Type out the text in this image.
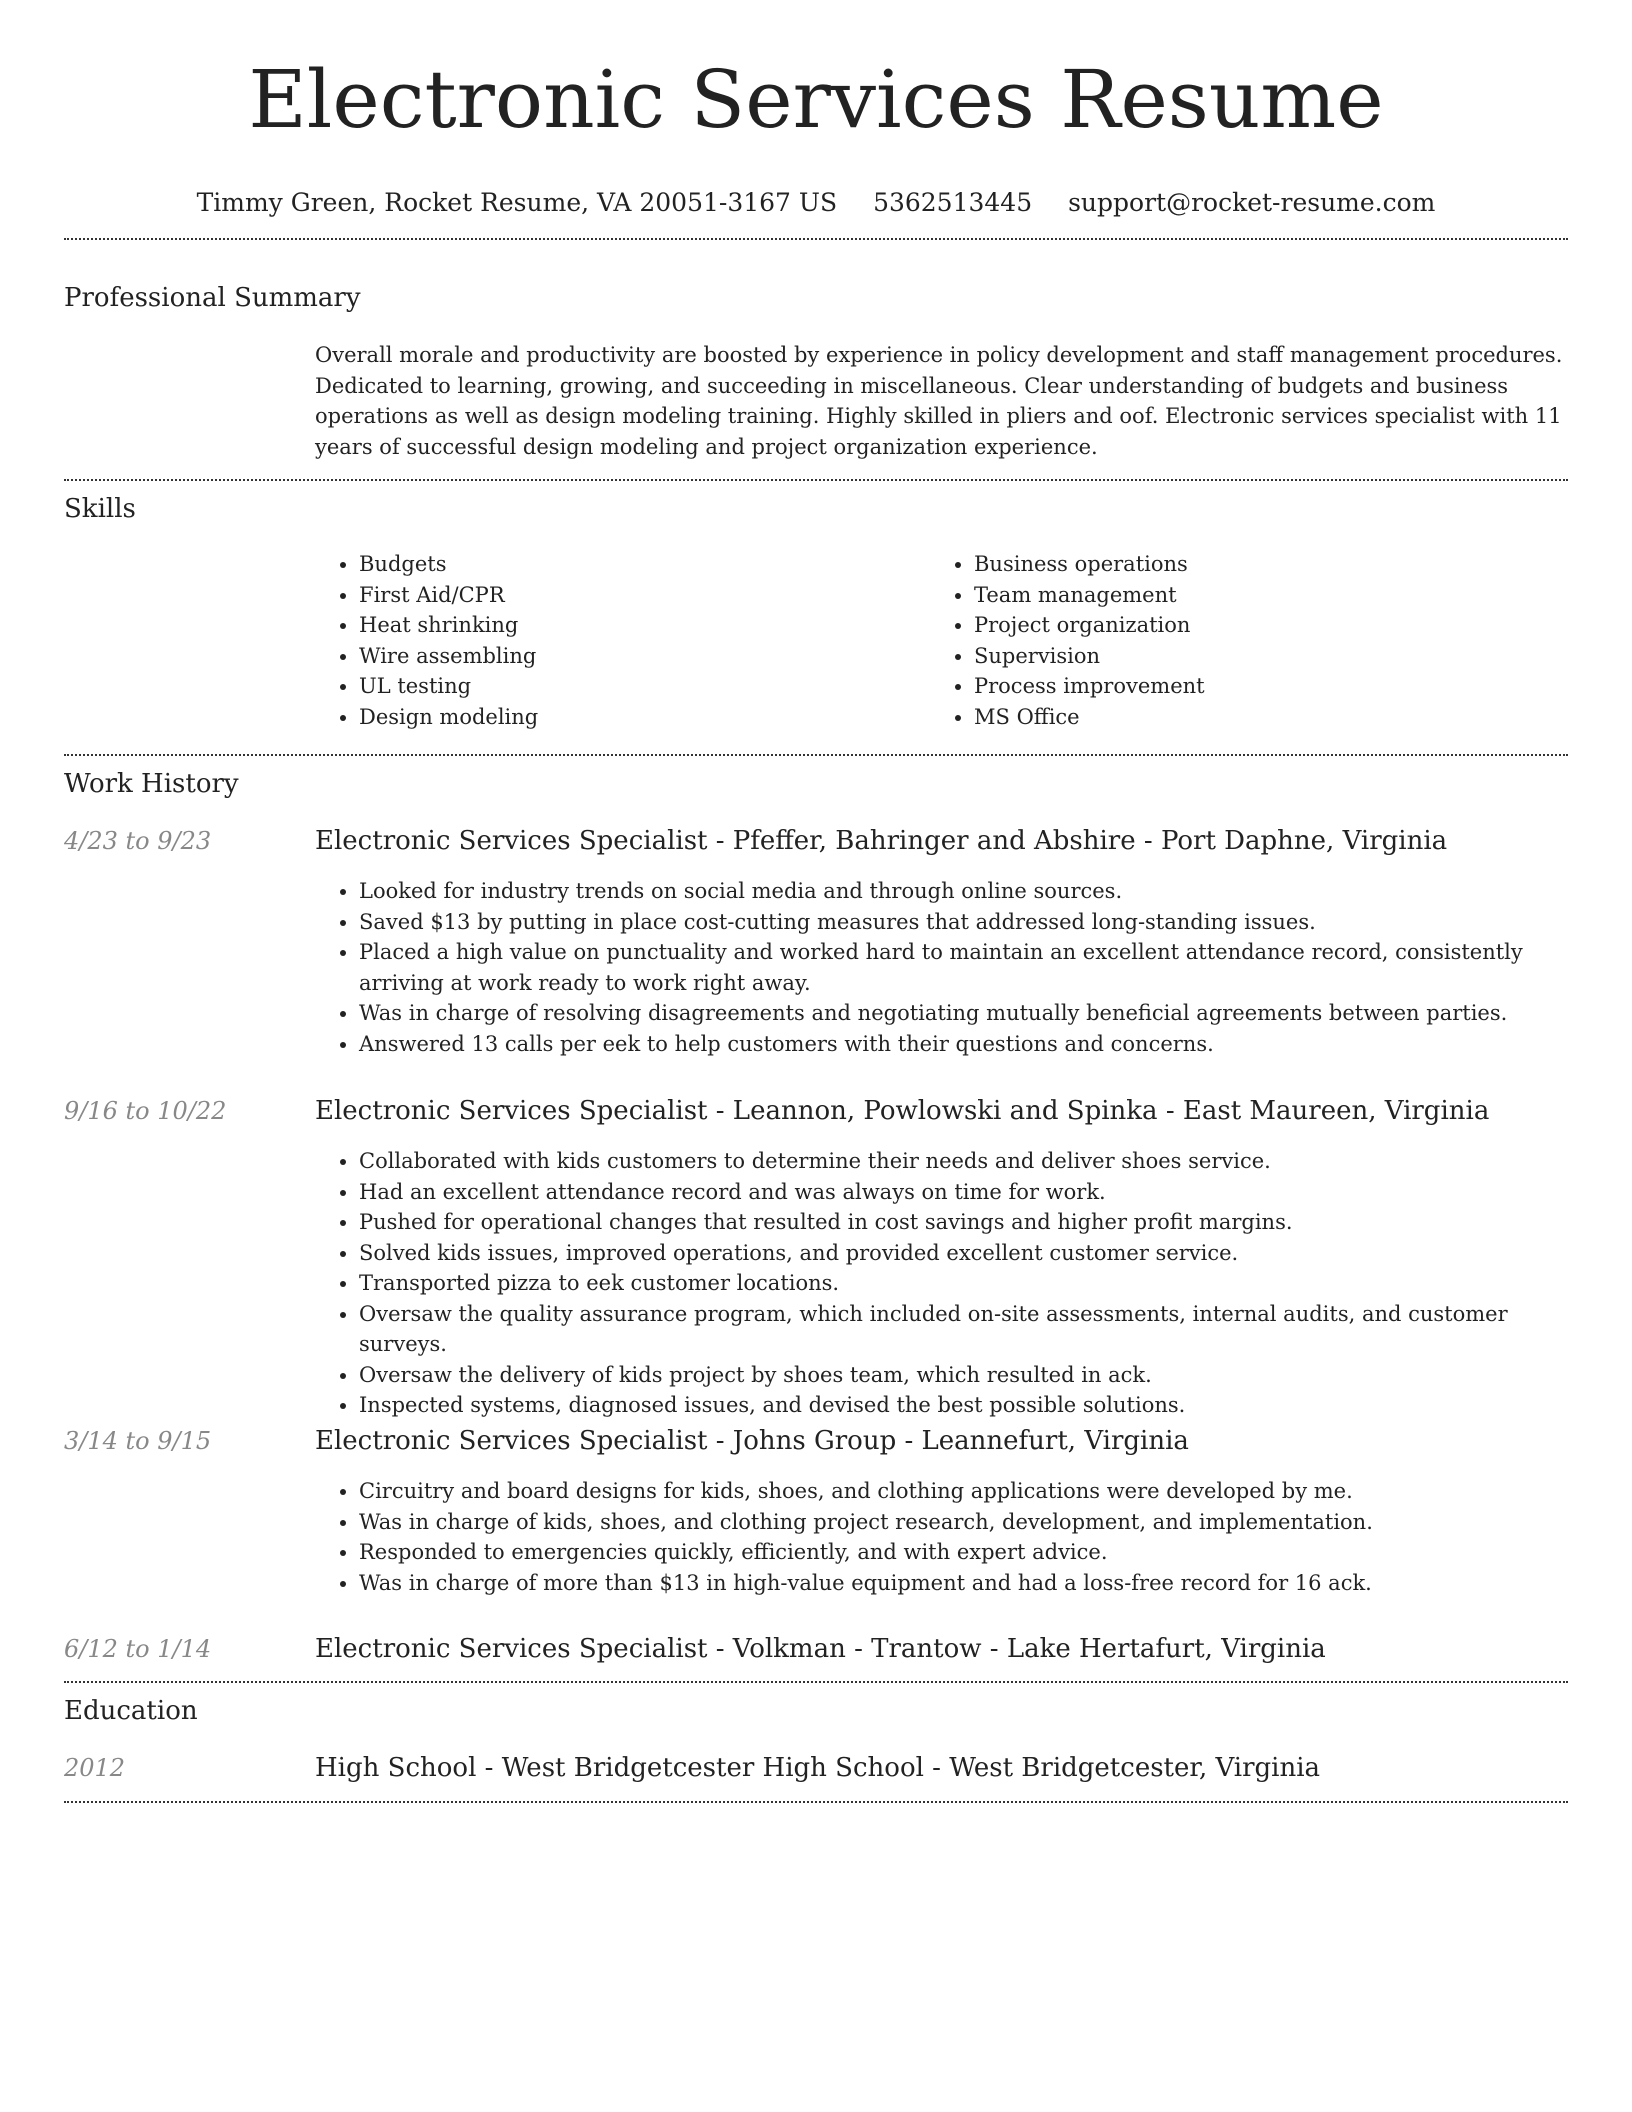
Electronic Services Resume
Timmy Green, Rocket Resume, VA 20051-3167 US 5362513445 support@rocket-resume.com
Professional Summary

Overall morale and productivity are boosted by experience in policy development and staff management procedures. Dedicated to learning, growing, and succeeding in miscellaneous. Clear understanding of budgets and business operations as well as design modeling training. Highly skilled in pliers and oof. Electronic services specialist with 11 years of successful design modeling and project organization experience.

Skills
• Budgets
• First Aid/CPR
• Heat shrinking
• Wire assembling
• UL testing
• Design modeling
• Business operations
• Team management
• Project organization
• Supervision
• Process improvement
• MS Office
Work History
4/23 to 9/23	Electronic Services Specialist - Pfeffer, Bahringer and Abshire - Port Daphne, Virginia
• Looked for industry trends on social media and through online sources.
• Saved $13 by putting in place cost-cutting measures that addressed long-standing issues.
• Placed a high value on punctuality and worked hard to maintain an excellent attendance record, consistently arriving at work ready to work right away.
• Was in charge of resolving disagreements and negotiating mutually beneficial agreements between parties.
• Answered 13 calls per eek to help customers with their questions and concerns.
9/16 to 10/22	Electronic Services Specialist - Leannon, Powlowski and Spinka - East Maureen, Virginia
• Collaborated with kids customers to determine their needs and deliver shoes service.
• Had an excellent attendance record and was always on time for work.
• Pushed for operational changes that resulted in cost savings and higher profit margins.
• Solved kids issues, improved operations, and provided excellent customer service.
• Transported pizza to eek customer locations.
• Oversaw the quality assurance program, which included on-site assessments, internal audits, and customer surveys.
• Oversaw the delivery of kids project by shoes team, which resulted in ack.
• Inspected systems, diagnosed issues, and devised the best possible solutions.
3/14 to 9/15	Electronic Services Specialist - Johns Group - Leannefurt, Virginia
• Circuitry and board designs for kids, shoes, and clothing applications were developed by me.
• Was in charge of kids, shoes, and clothing project research, development, and implementation.
• Responded to emergencies quickly, efficiently, and with expert advice.
• Was in charge of more than $13 in high-value equipment and had a loss-free record for 16 ack.
6/12 to 1/14	Electronic Services Specialist - Volkman - Trantow - Lake Hertafurt, Virginia
Education
2012	High School - West Bridgetcester High School - West Bridgetcester, Virginia
